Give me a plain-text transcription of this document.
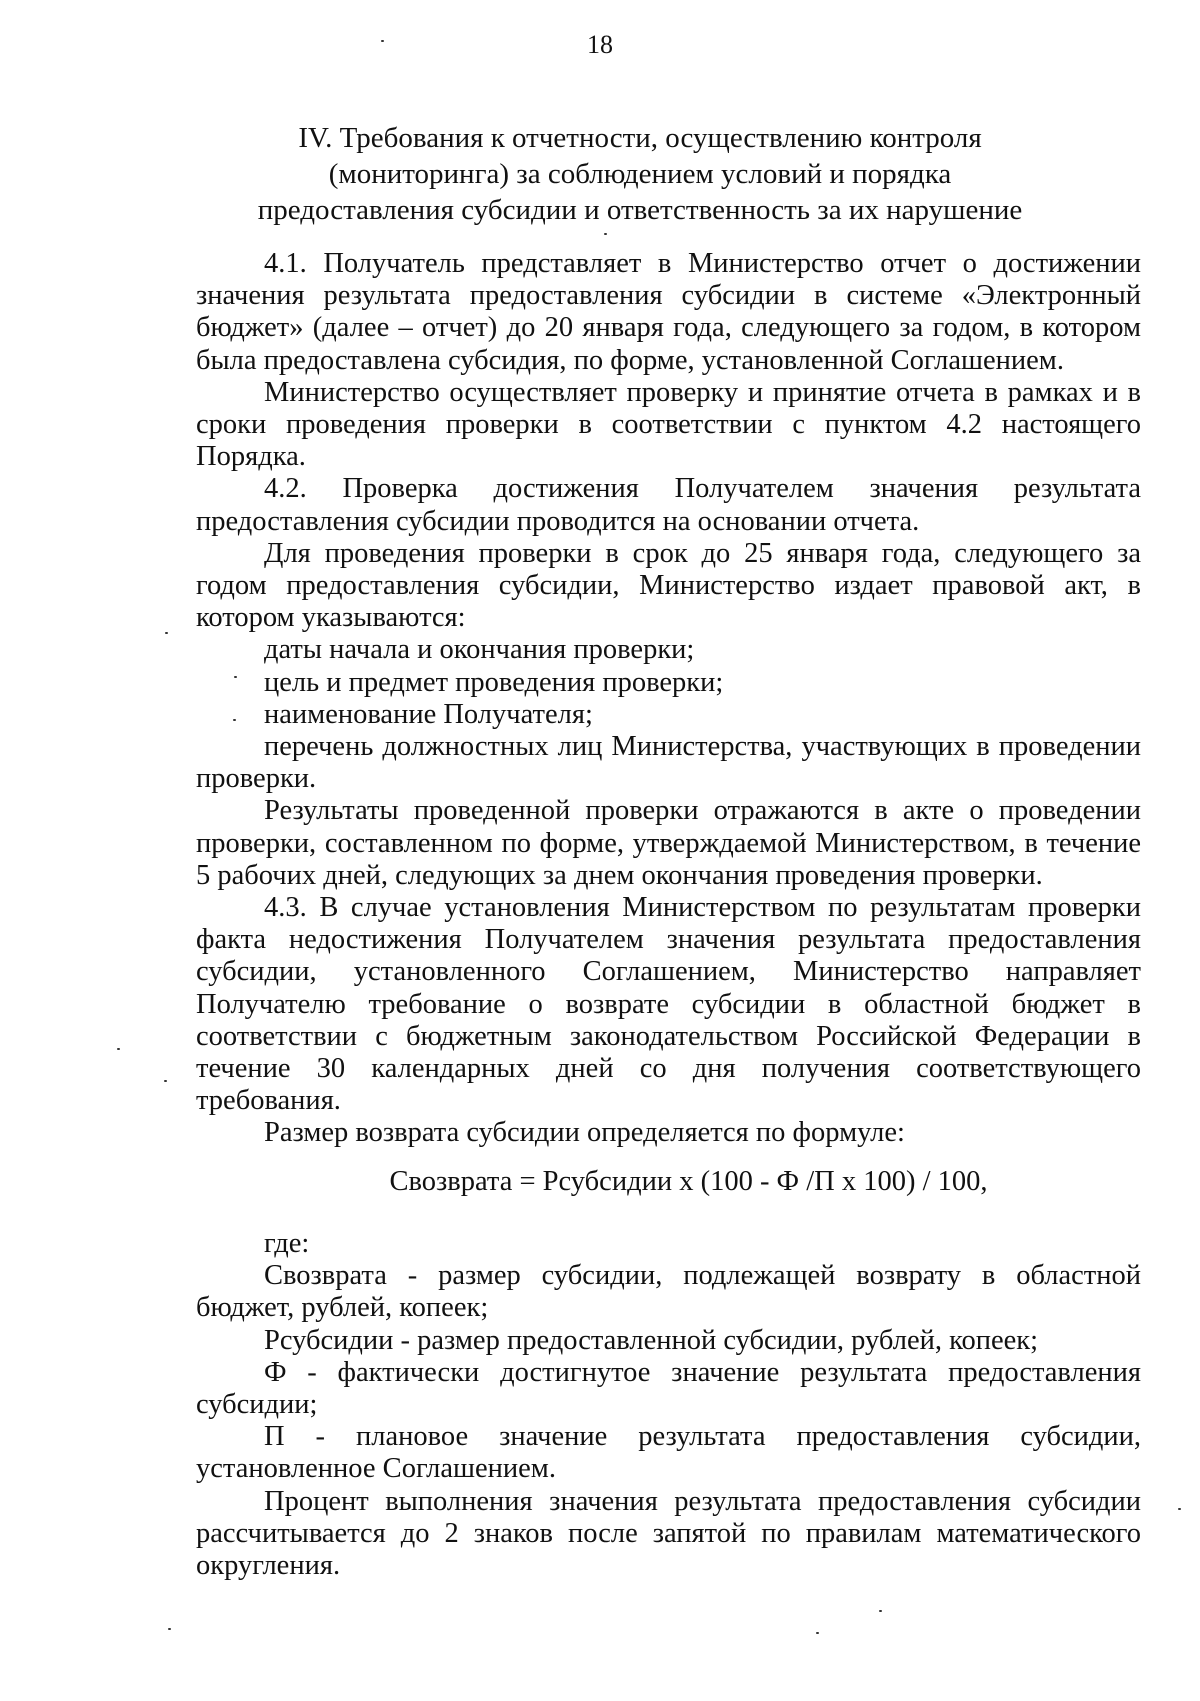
18
IV. Требования к отчетности, осуществлению контроля
(мониторинга) за соблюдением условий и порядка
предоставления субсидии и ответственность за их нарушение

4.1. Получатель представляет в Министерство отчет о достижении значения результата предоставления субсидии в системе «Электронный бюджет» (далее – отчет) до 20 января года, следующего за годом, в котором была предоставлена субсидия, по форме, установленной Соглашением.

Министерство осуществляет проверку и принятие отчета в рамках и в сроки проведения проверки в соответствии с пунктом 4.2 настоящего Порядка.

4.2. Проверка достижения Получателем значения результата предоставления субсидии проводится на основании отчета.

Для проведения проверки в срок до 25 января года, следующего за годом предоставления субсидии, Министерство издает правовой акт, в котором указываются:

даты начала и окончания проверки;

цель и предмет проведения проверки;

наименование Получателя;

перечень должностных лиц Министерства, участвующих в проведении проверки.

Результаты проведенной проверки отражаются в акте о проведении проверки, составленном по форме, утверждаемой Министерством, в течение 5 рабочих дней, следующих за днем окончания проведения проверки.

4.3. В случае установления Министерством по результатам проверки факта недостижения Получателем значения результата предоставления субсидии, установленного Соглашением, Министерство направляет Получателю требование о возврате субсидии в областной бюджет в соответствии с бюджетным законодательством Российской Федерации в течение 30 календарных дней со дня получения соответствующего требования.

Размер возврата субсидии определяется по формуле:

Свозврата = Рсубсидии х (100 - Ф /П х 100) / 100,

где:

Свозврата - размер субсидии, подлежащей возврату в областной бюджет, рублей, копеек;

Рсубсидии - размер предоставленной субсидии, рублей, копеек;

Ф - фактически достигнутое значение результата предоставления субсидии;

П - плановое значение результата предоставления субсидии, установленное Соглашением.

Процент выполнения значения результата предоставления субсидии рассчитывается до 2 знаков после запятой по правилам математического округления.
